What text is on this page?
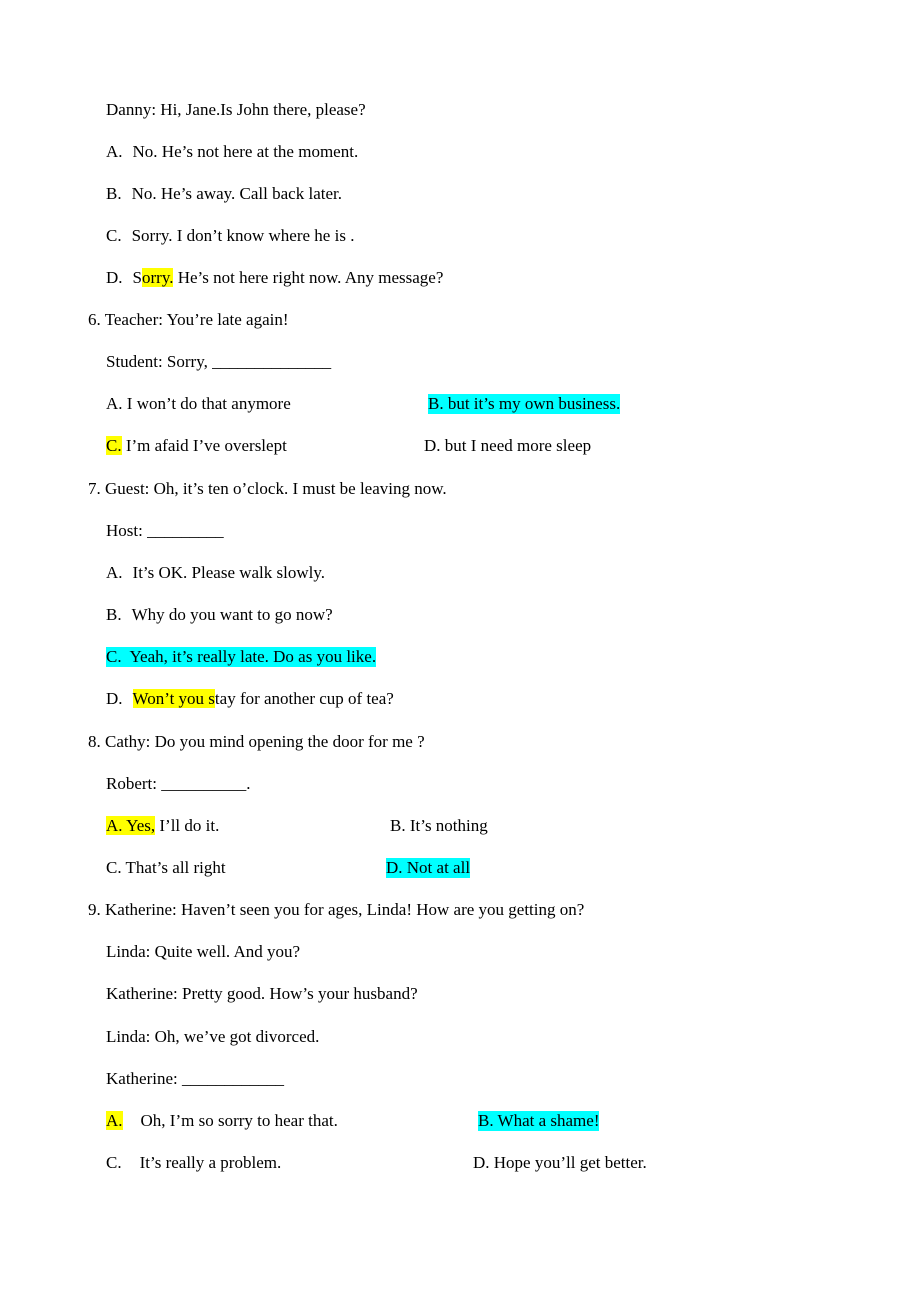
Danny: Hi, Jane.Is John there, please?
A. No. He’s not here at the moment.
B. No. He’s away. Call back later.
C. Sorry. I don’t know where he is .
D. Sorry. He’s not here right now. Any message?
6. Teacher: You’re late again!
Student: Sorry, ______________
A. I won’t do that anymore	B. but it’s my own business.
C. I’m afaid I’ve overslept	D. but I need more sleep
7. Guest: Oh, it’s ten o’clock. I must be leaving now.
Host: _________
A. It’s OK. Please walk slowly.
B. Why do you want to go now?
C.  Yeah, it’s really late. Do as you like.
D. Won’t you stay for another cup of tea?
8. Cathy: Do you mind opening the door for me ?
Robert: __________.
A. Yes, I’ll do it.	B. It’s nothing
C. That’s all right	D. Not at all
9. Katherine: Haven’t seen you for ages, Linda! How are you getting on?
Linda: Quite well. And you?
Katherine: Pretty good. How’s your husband?
Linda: Oh, we’ve got divorced.
Katherine: ____________
A. Oh, I’m so sorry to hear that.	B. What a shame!
C. It’s really a problem.	D. Hope you’ll get better.
